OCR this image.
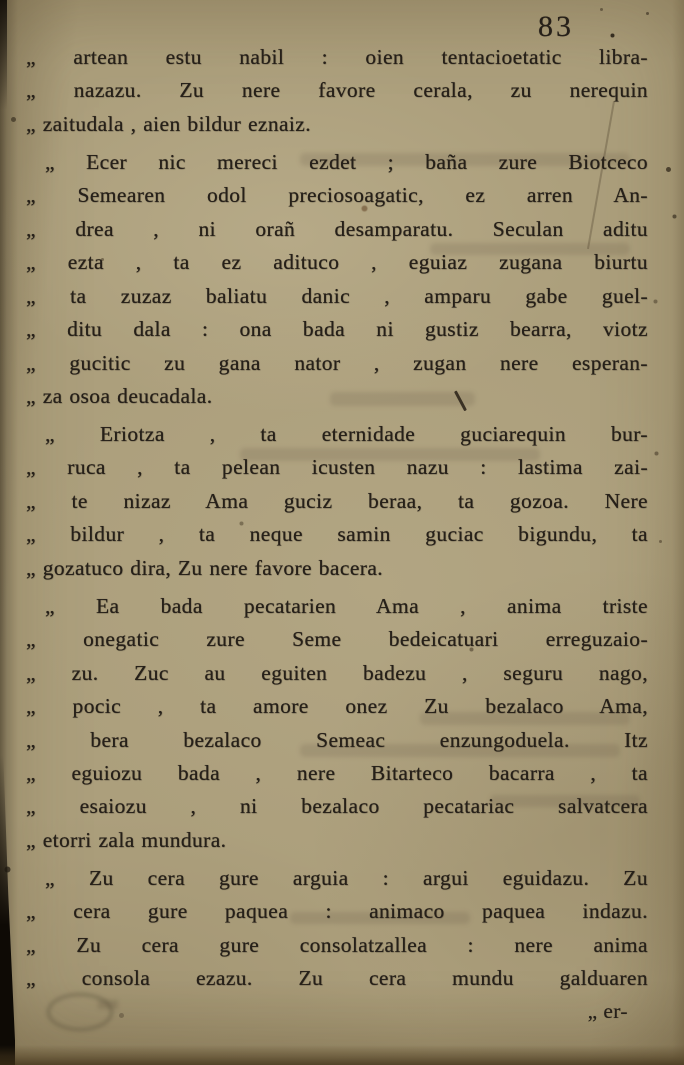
83
„ artean estu nabil : oien tentacioetatic libra-
„ nazazu. Zu nere favore cerala, zu nerequin
„ zaitudala , aien bildur eznaiz.
„ Ecer nic mereci ezdet ; baña zure Biotceco
„ Semearen odol preciosoagatic, ez arren An-
„ drea , ni orañ desamparatu. Seculan aditu
„ ezta , ta ez adituco , eguiaz zugana biurtu
„ ta zuzaz baliatu danic , amparu gabe guel-
„ ditu dala : ona bada ni gustiz bearra, viotz
„ gucitic zu gana nator , zugan nere esperan-
„ za osoa deucadala.
„ Eriotza , ta eternidade guciarequin bur-
„ ruca , ta pelean icusten nazu : lastima zai-
„ te nizaz Ama guciz beraa, ta gozoa. Nere
„ bildur , ta neque samin guciac bigundu, ta
„ gozatuco dira, Zu nere favore bacera.
„ Ea bada pecatarien Ama , anima triste
„ onegatic zure Seme bedeicatuari erreguzaio-
„ zu. Zuc au eguiten badezu , seguru nago,
„ pocic , ta amore onez Zu bezalaco Ama,
„ bera bezalaco Semeac enzungoduela. Itz
„ eguiozu bada , nere Bitarteco bacarra , ta
„ esaiozu , ni bezalaco pecatariac salvatcera
„ etorri zala mundura.
„ Zu cera gure arguia : argui eguidazu. Zu
„ cera gure paquea : animaco paquea indazu.
„ Zu cera gure consolatzallea : nere anima
„ consola ezazu. Zu cera mundu galduaren
„ er-
